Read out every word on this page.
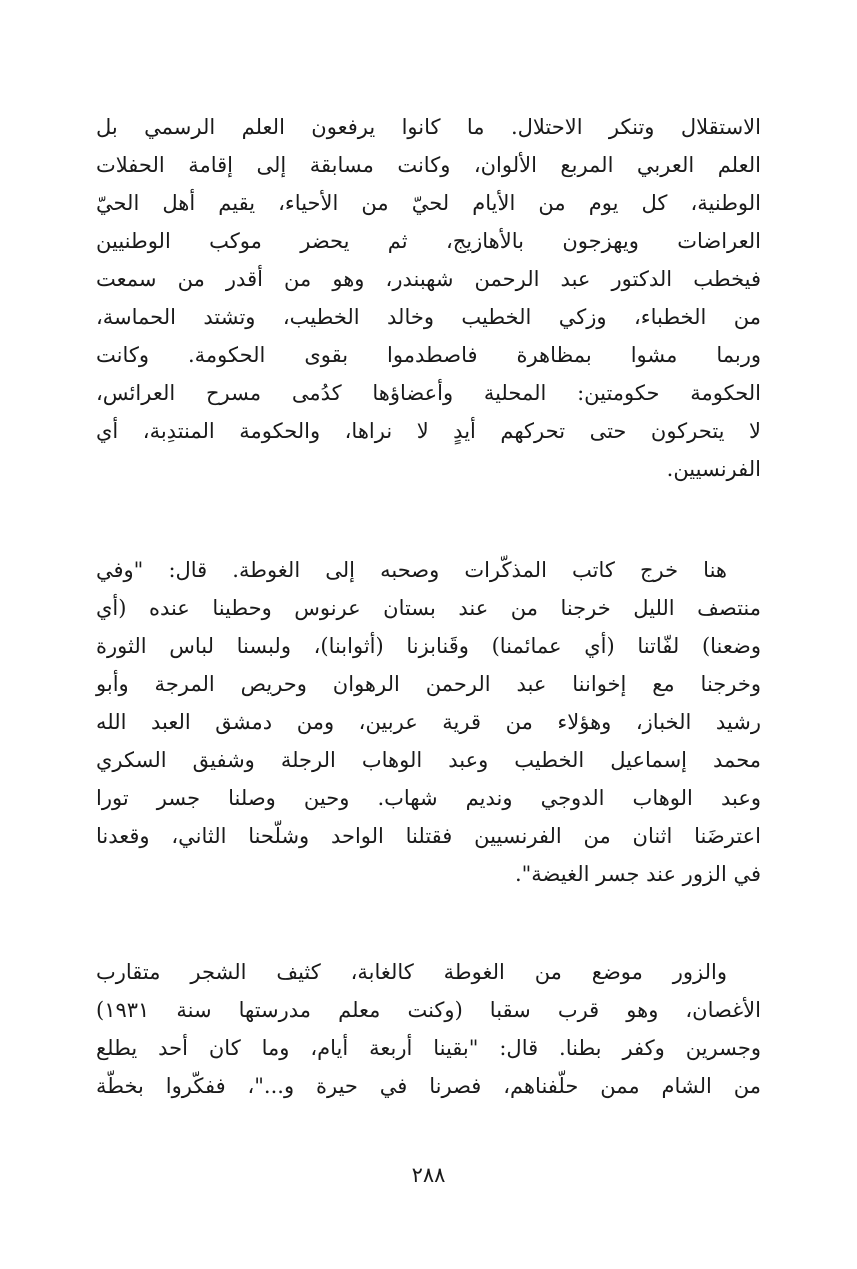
الاستقلال وتنكر الاحتلال. ما كانوا يرفعون العلم الرسمي بل
العلم العربي المربع الألوان، وكانت مسابقة إلى إقامة الحفلات
الوطنية، كل يوم من الأيام لحيّ من الأحياء، يقيم أهل الحيّ
العراضات ويهزجون بالأهازيج، ثم يحضر موكب الوطنيين
فيخطب الدكتور عبد الرحمن شهبندر، وهو من أقدر من سمعت
من الخطباء، وزكي الخطيب وخالد الخطيب، وتشتد الحماسة،
وربما مشوا بمظاهرة فاصطدموا بقوى الحكومة. وكانت
الحكومة حكومتين: المحلية وأعضاؤها كدُمى مسرح العرائس،
لا يتحركون حتى تحركهم أيدٍ لا نراها، والحكومة المنتدِبة، أي
الفرنسيين.

هنا خرج كاتب المذكّرات وصحبه إلى الغوطة. قال: "وفي
منتصف الليل خرجنا من عند بستان عرنوس وحطينا عنده (أي
وضعنا) لفّاتنا (أي عمائمنا) وقَنابزنا (أثوابنا)، ولبسنا لباس الثورة
وخرجنا مع إخواننا عبد الرحمن الرهوان وحريص المرجة وأبو
رشيد الخباز، وهؤلاء من قرية عربين، ومن دمشق العبد الله
محمد إسماعيل الخطيب وعبد الوهاب الرجلة وشفيق السكري
وعبد الوهاب الدوجي ونديم شهاب. وحين وصلنا جسر تورا
اعترضَنا اثنان من الفرنسيين فقتلنا الواحد وشلّحنا الثاني، وقعدنا
في الزور عند جسر الغيضة".

والزور موضع من الغوطة كالغابة، كثيف الشجر متقارب
الأغصان، وهو قرب سقبا (وكنت معلم مدرستها سنة ١٩٣١)
وجسرين وكفر بطنا. قال: "بقينا أربعة أيام، وما كان أحد يطلع
من الشام ممن حلّفناهم، فصرنا في حيرة و..."، ففكّروا بخطّة

٢٨٨
